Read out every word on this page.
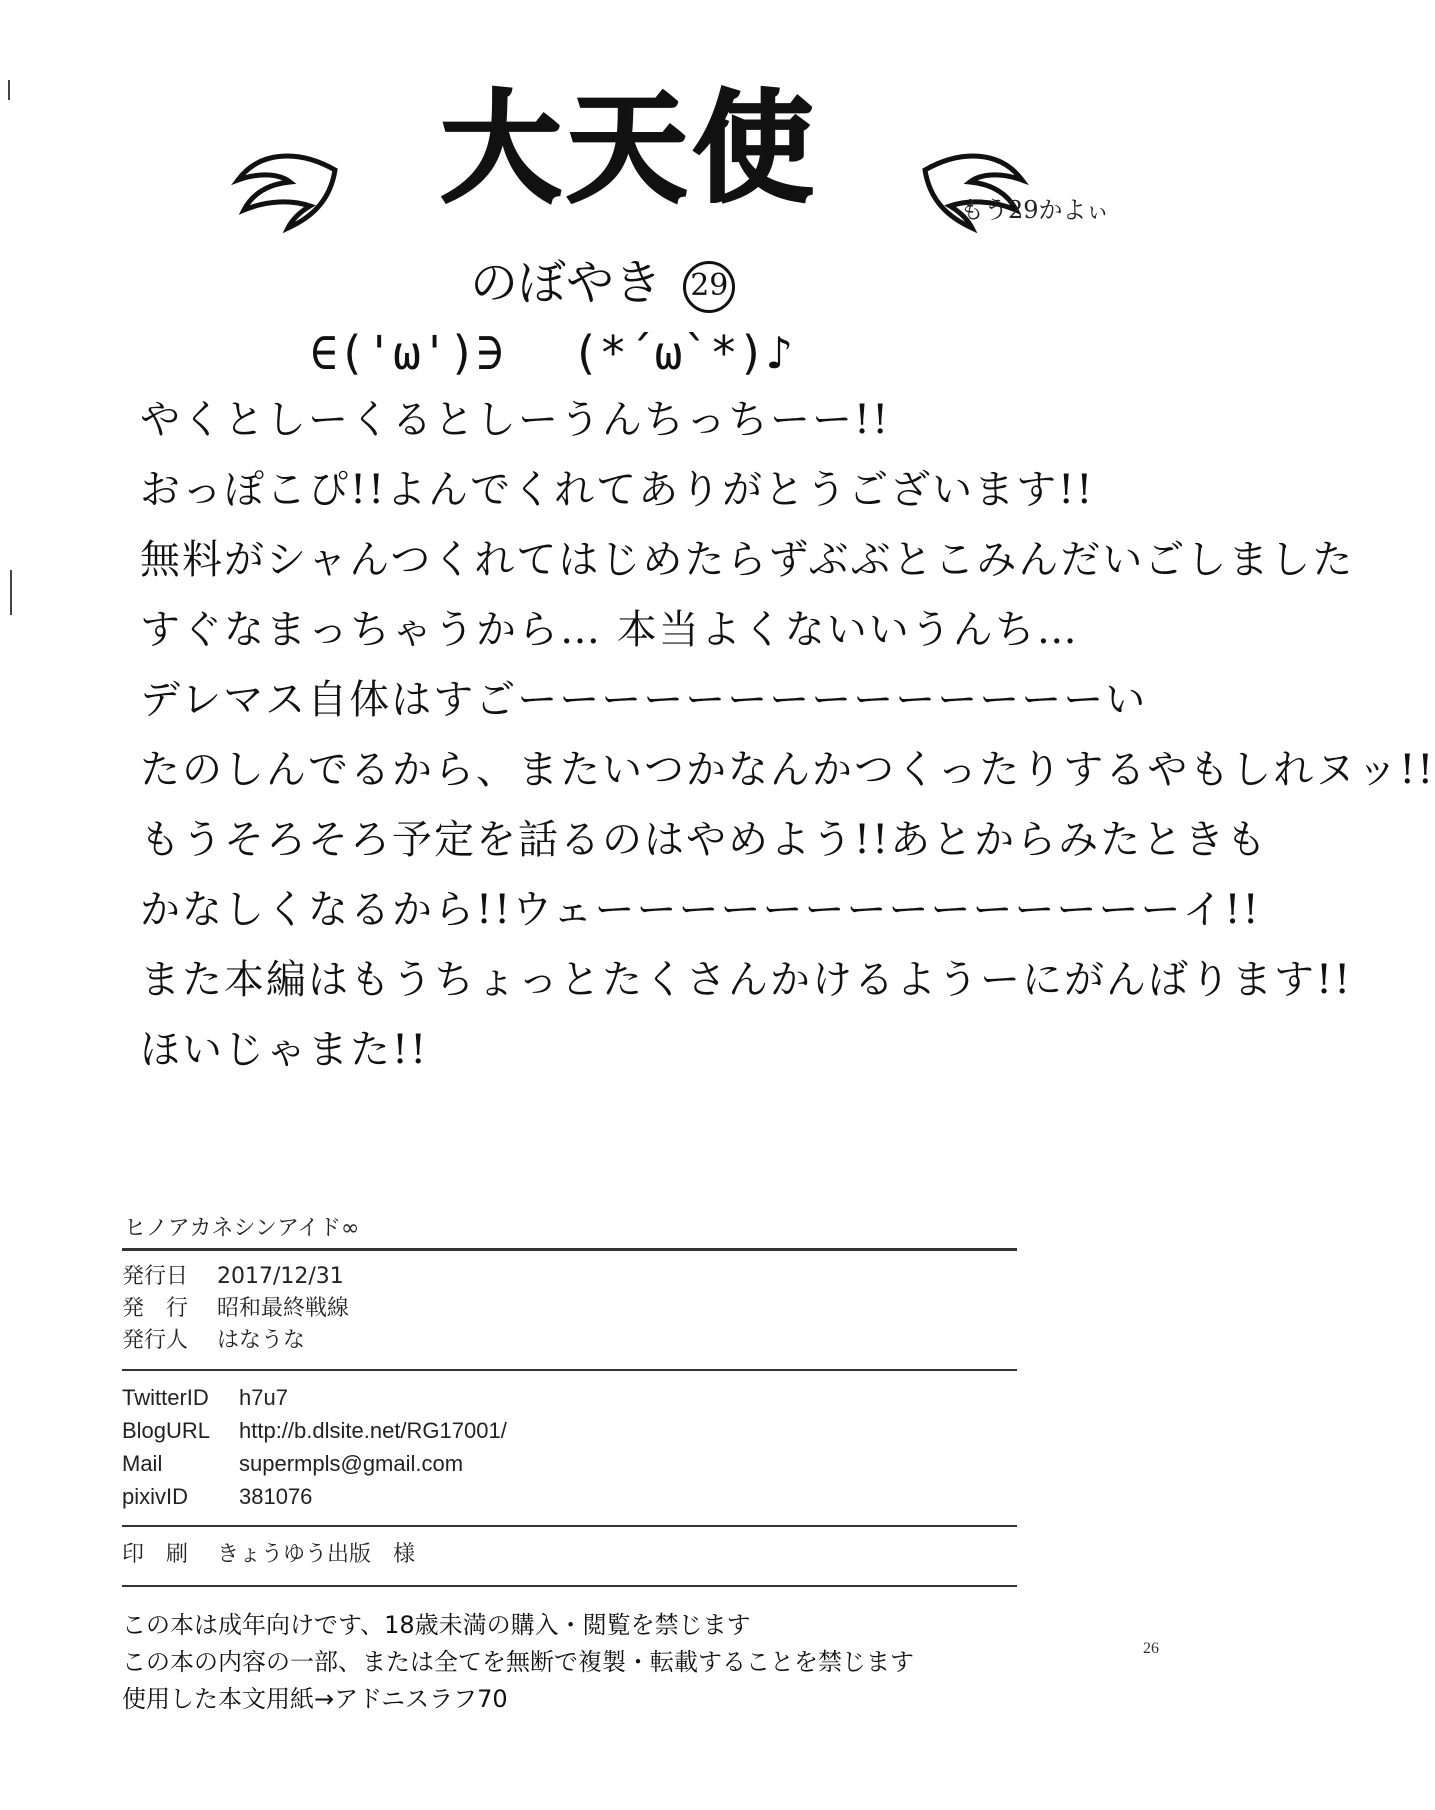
大天使
のぼやき 29
∈('ω')∋ (*´ω`*)♪
もう29かよぃ
やくとしーくるとしーうんちっちーー!!
おっぽこぴ!!よんでくれてありがとうございます!!
無料がシャんつくれてはじめたらずぶぶとこみんだいごしました
すぐなまっちゃうから… 本当よくないいうんち…
デレマス自体はすごーーーーーーーーーーーーーーい
たのしんでるから、またいつかなんかつくったりするやもしれヌッ!!
もうそろそろ予定を話るのはやめよう!!あとからみたときも
かなしくなるから!!ウェーーーーーーーーーーーーーーイ!!
また本編はもうちょっとたくさんかけるようーにがんばります!!
ほいじゃまた!!
ヒノアカネシンアイド∞
発行日	2017/12/31
発　行	昭和最終戦線
発行人	はなうな
TwitterID	h7u7
BlogURL	http://b.dlsite.net/RG17001/
Mail	supermpls@gmail.com
pixivID	381076
印　刷	きょうゆう出版　様
この本は成年向けです、18歳未満の購入・閲覧を禁じます
この本の内容の一部、または全てを無断で複製・転載することを禁じます
使用した本文用紙→アドニスラフ70
26
